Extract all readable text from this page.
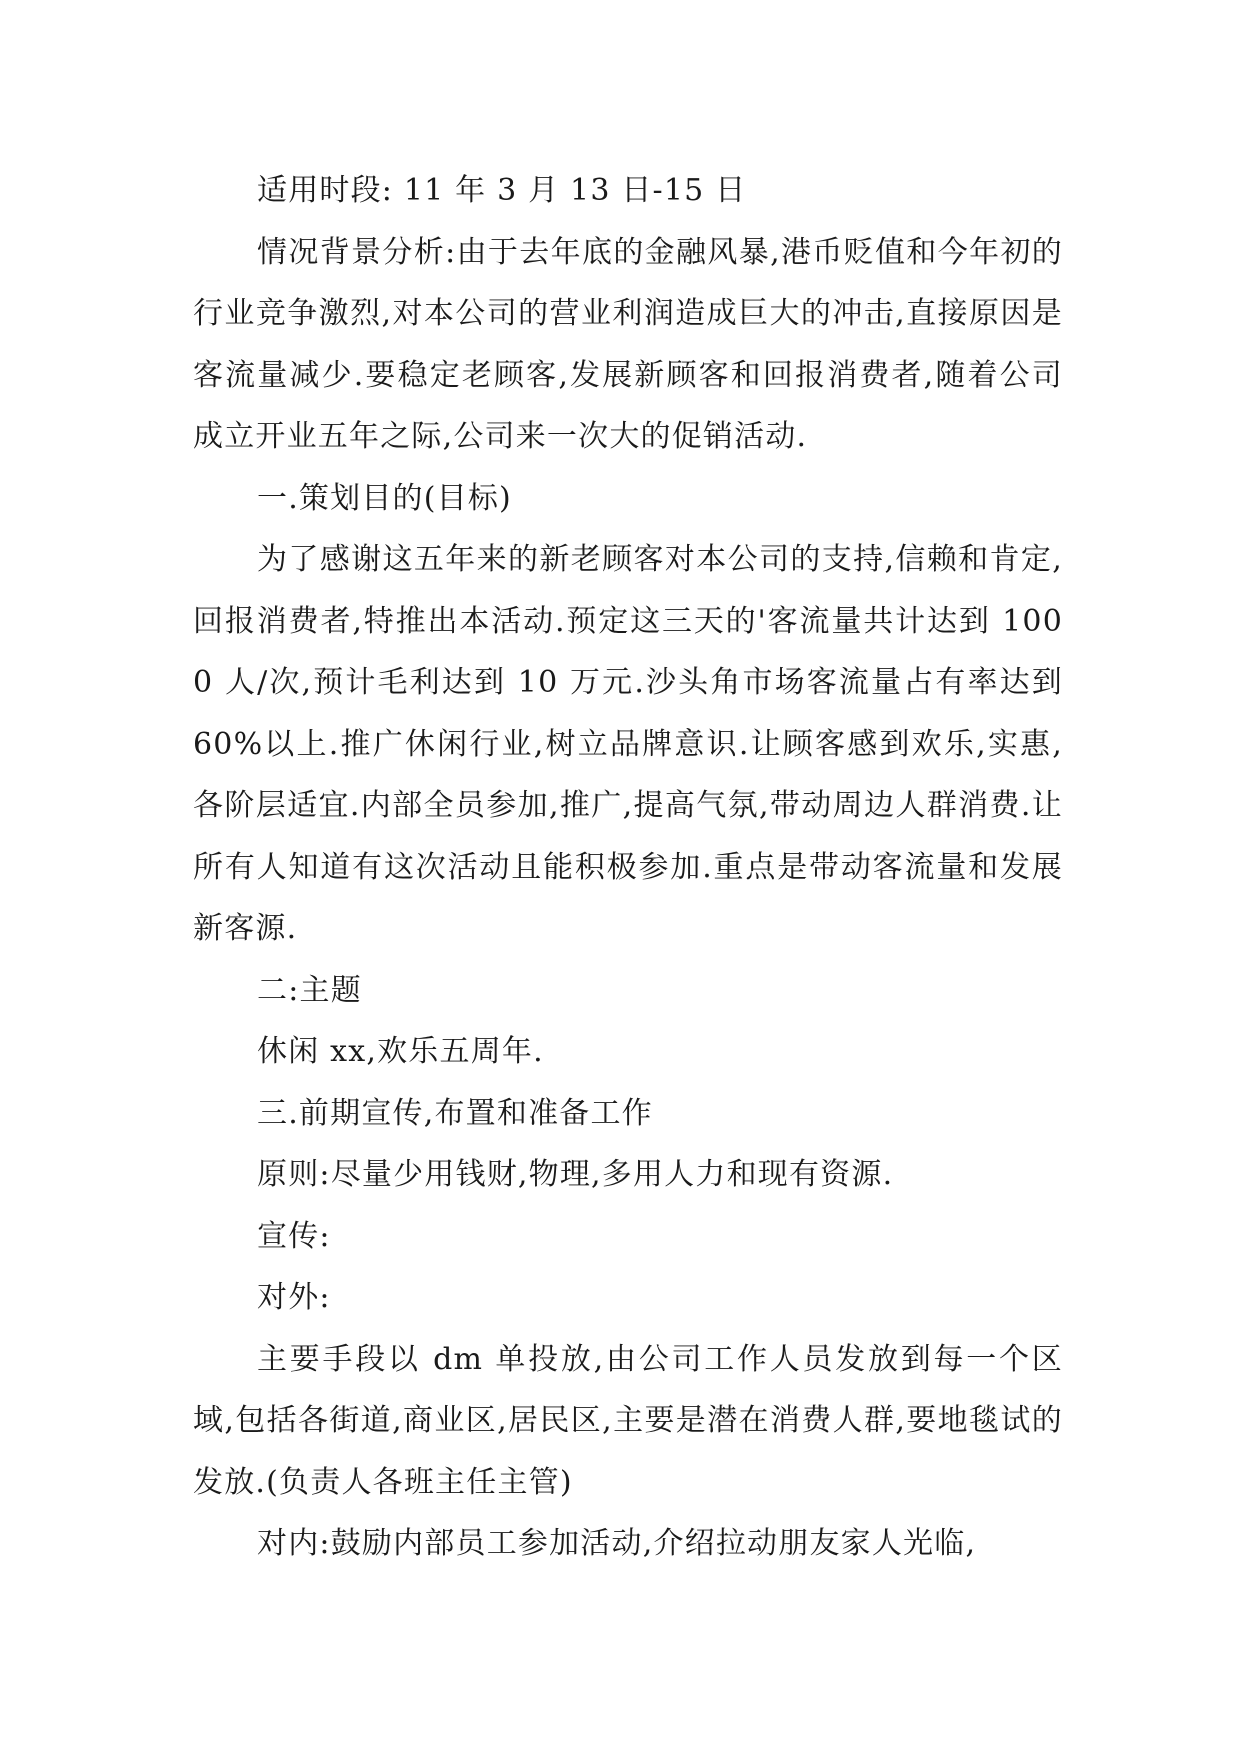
适用时段: 11 年 3 月 13 日-15 日

情况背景分析:由于去年底的金融风暴,港币贬值和今年初的行业竞争激烈,对本公司的营业利润造成巨大的冲击,直接原因是客流量减少.要稳定老顾客,发展新顾客和回报消费者,随着公司成立开业五年之际,公司来一次大的促销活动.

一.策划目的(目标)

为了感谢这五年来的新老顾客对本公司的支持,信赖和肯定,回报消费者,特推出本活动.预定这三天的'客流量共计达到 1000 人/次,预计毛利达到 10 万元.沙头角市场客流量占有率达到 60%以上.推广休闲行业,树立品牌意识.让顾客感到欢乐,实惠,各阶层适宜.内部全员参加,推广,提高气氛,带动周边人群消费.让所有人知道有这次活动且能积极参加.重点是带动客流量和发展新客源.

二:主题

休闲 xx,欢乐五周年.

三.前期宣传,布置和准备工作

原则:尽量少用钱财,物理,多用人力和现有资源.

宣传:

对外:

主要手段以 dm 单投放,由公司工作人员发放到每一个区域,包括各街道,商业区,居民区,主要是潜在消费人群,要地毯试的发放.(负责人各班主任主管)

对内:鼓励内部员工参加活动,介绍拉动朋友家人光临,
